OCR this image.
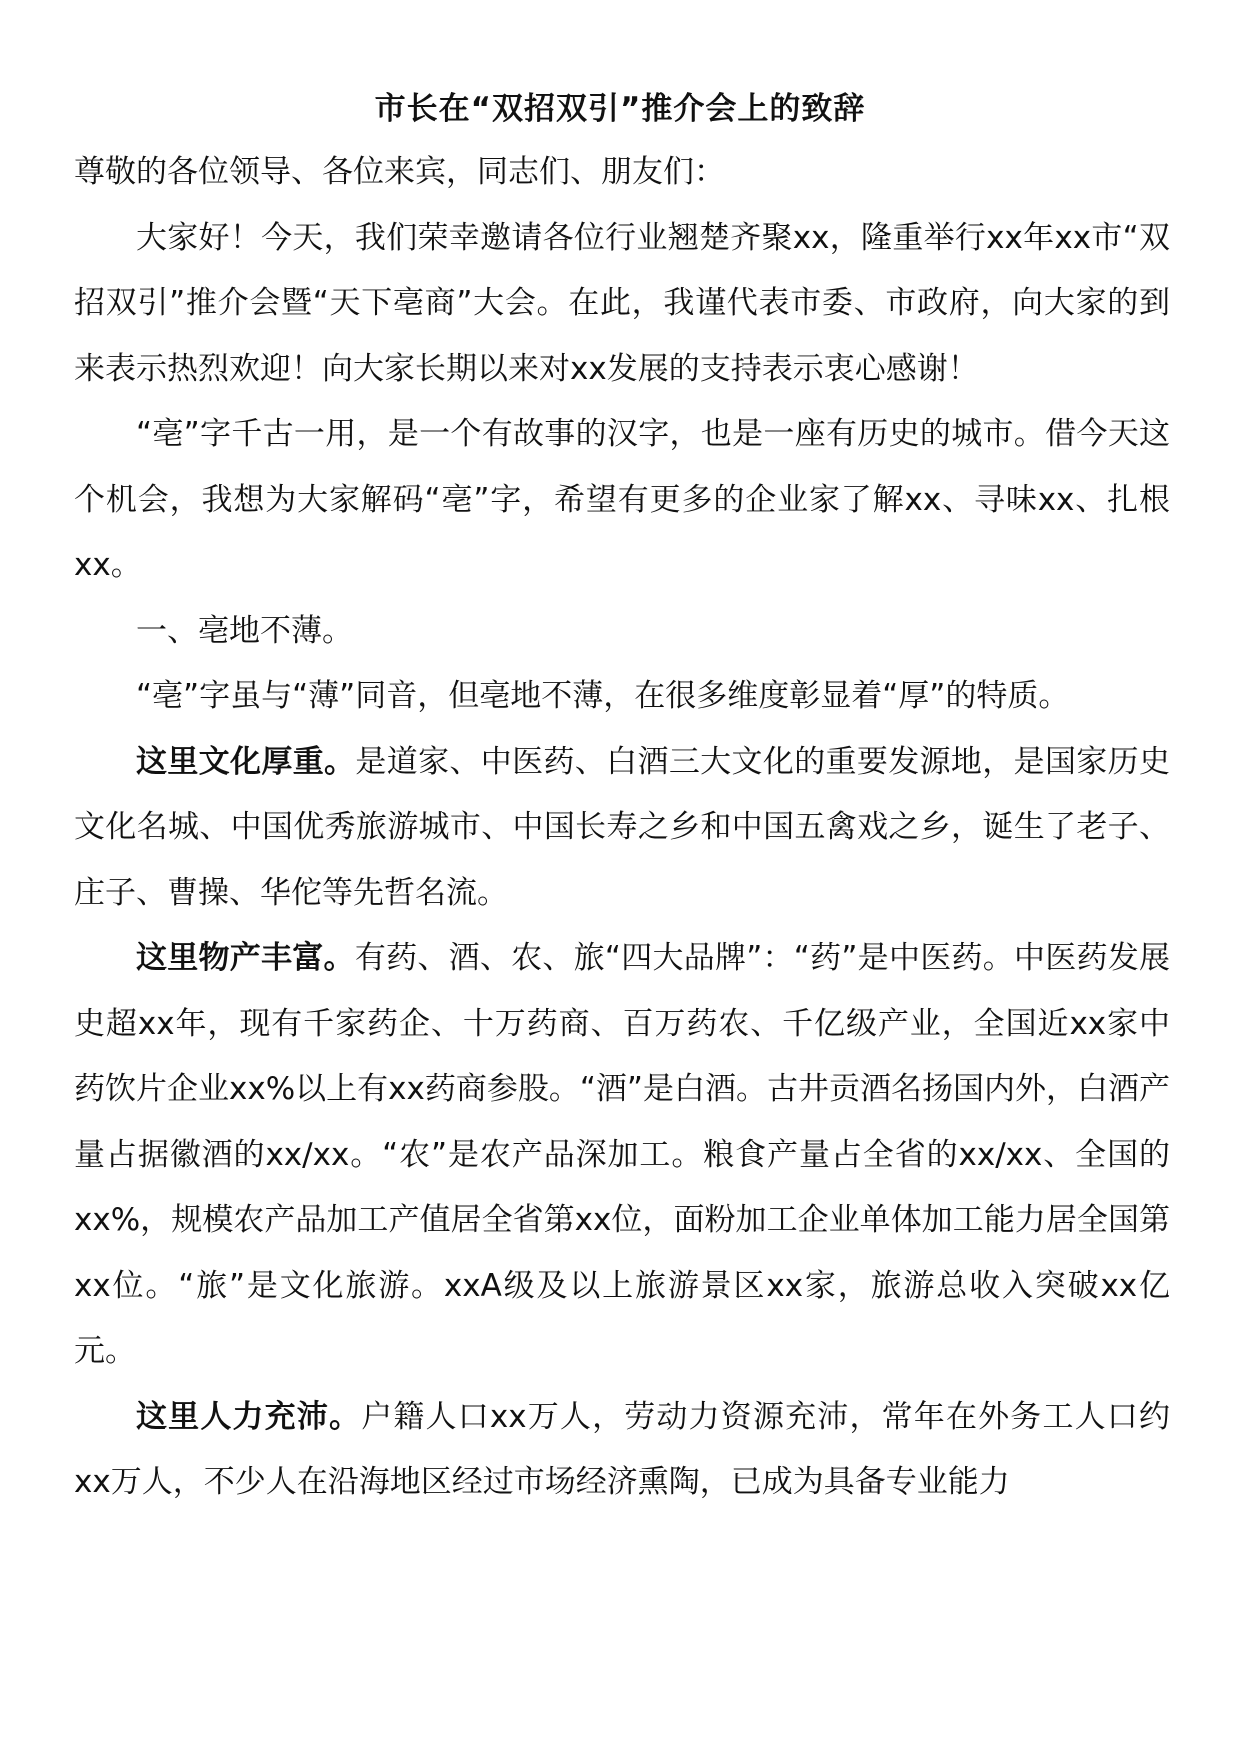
市长在“双招双引”推介会上的致辞

尊敬的各位领导、各位来宾，同志们、朋友们：

大家好！今天，我们荣幸邀请各位行业翘楚齐聚xx，隆重举行xx年xx市“双招双引”推介会暨“天下亳商”大会。在此，我谨代表市委、市政府，向大家的到来表示热烈欢迎！向大家长期以来对xx发展的支持表示衷心感谢！

“亳”字千古一用，是一个有故事的汉字，也是一座有历史的城市。借今天这个机会，我想为大家解码“亳”字，希望有更多的企业家了解xx、寻味xx、扎根xx。

一、亳地不薄。

“亳”字虽与“薄”同音，但亳地不薄，在很多维度彰显着“厚”的特质。

这里文化厚重。是道家、中医药、白酒三大文化的重要发源地，是国家历史文化名城、中国优秀旅游城市、中国长寿之乡和中国五禽戏之乡，诞生了老子、庄子、曹操、华佗等先哲名流。

这里物产丰富。有药、酒、农、旅“四大品牌”：“药”是中医药。中医药发展史超xx年，现有千家药企、十万药商、百万药农、千亿级产业，全国近xx家中药饮片企业xx%以上有xx药商参股。“酒”是白酒。古井贡酒名扬国内外，白酒产量占据徽酒的xx/xx。“农”是农产品深加工。粮食产量占全省的xx/xx、全国的xx%，规模农产品加工产值居全省第xx位，面粉加工企业单体加工能力居全国第xx位。“旅”是文化旅游。xxA级及以上旅游景区xx家，旅游总收入突破xx亿元。

这里人力充沛。户籍人口xx万人，劳动力资源充沛，常年在外务工人口约xx万人，不少人在沿海地区经过市场经济熏陶，已成为具备专业能力
